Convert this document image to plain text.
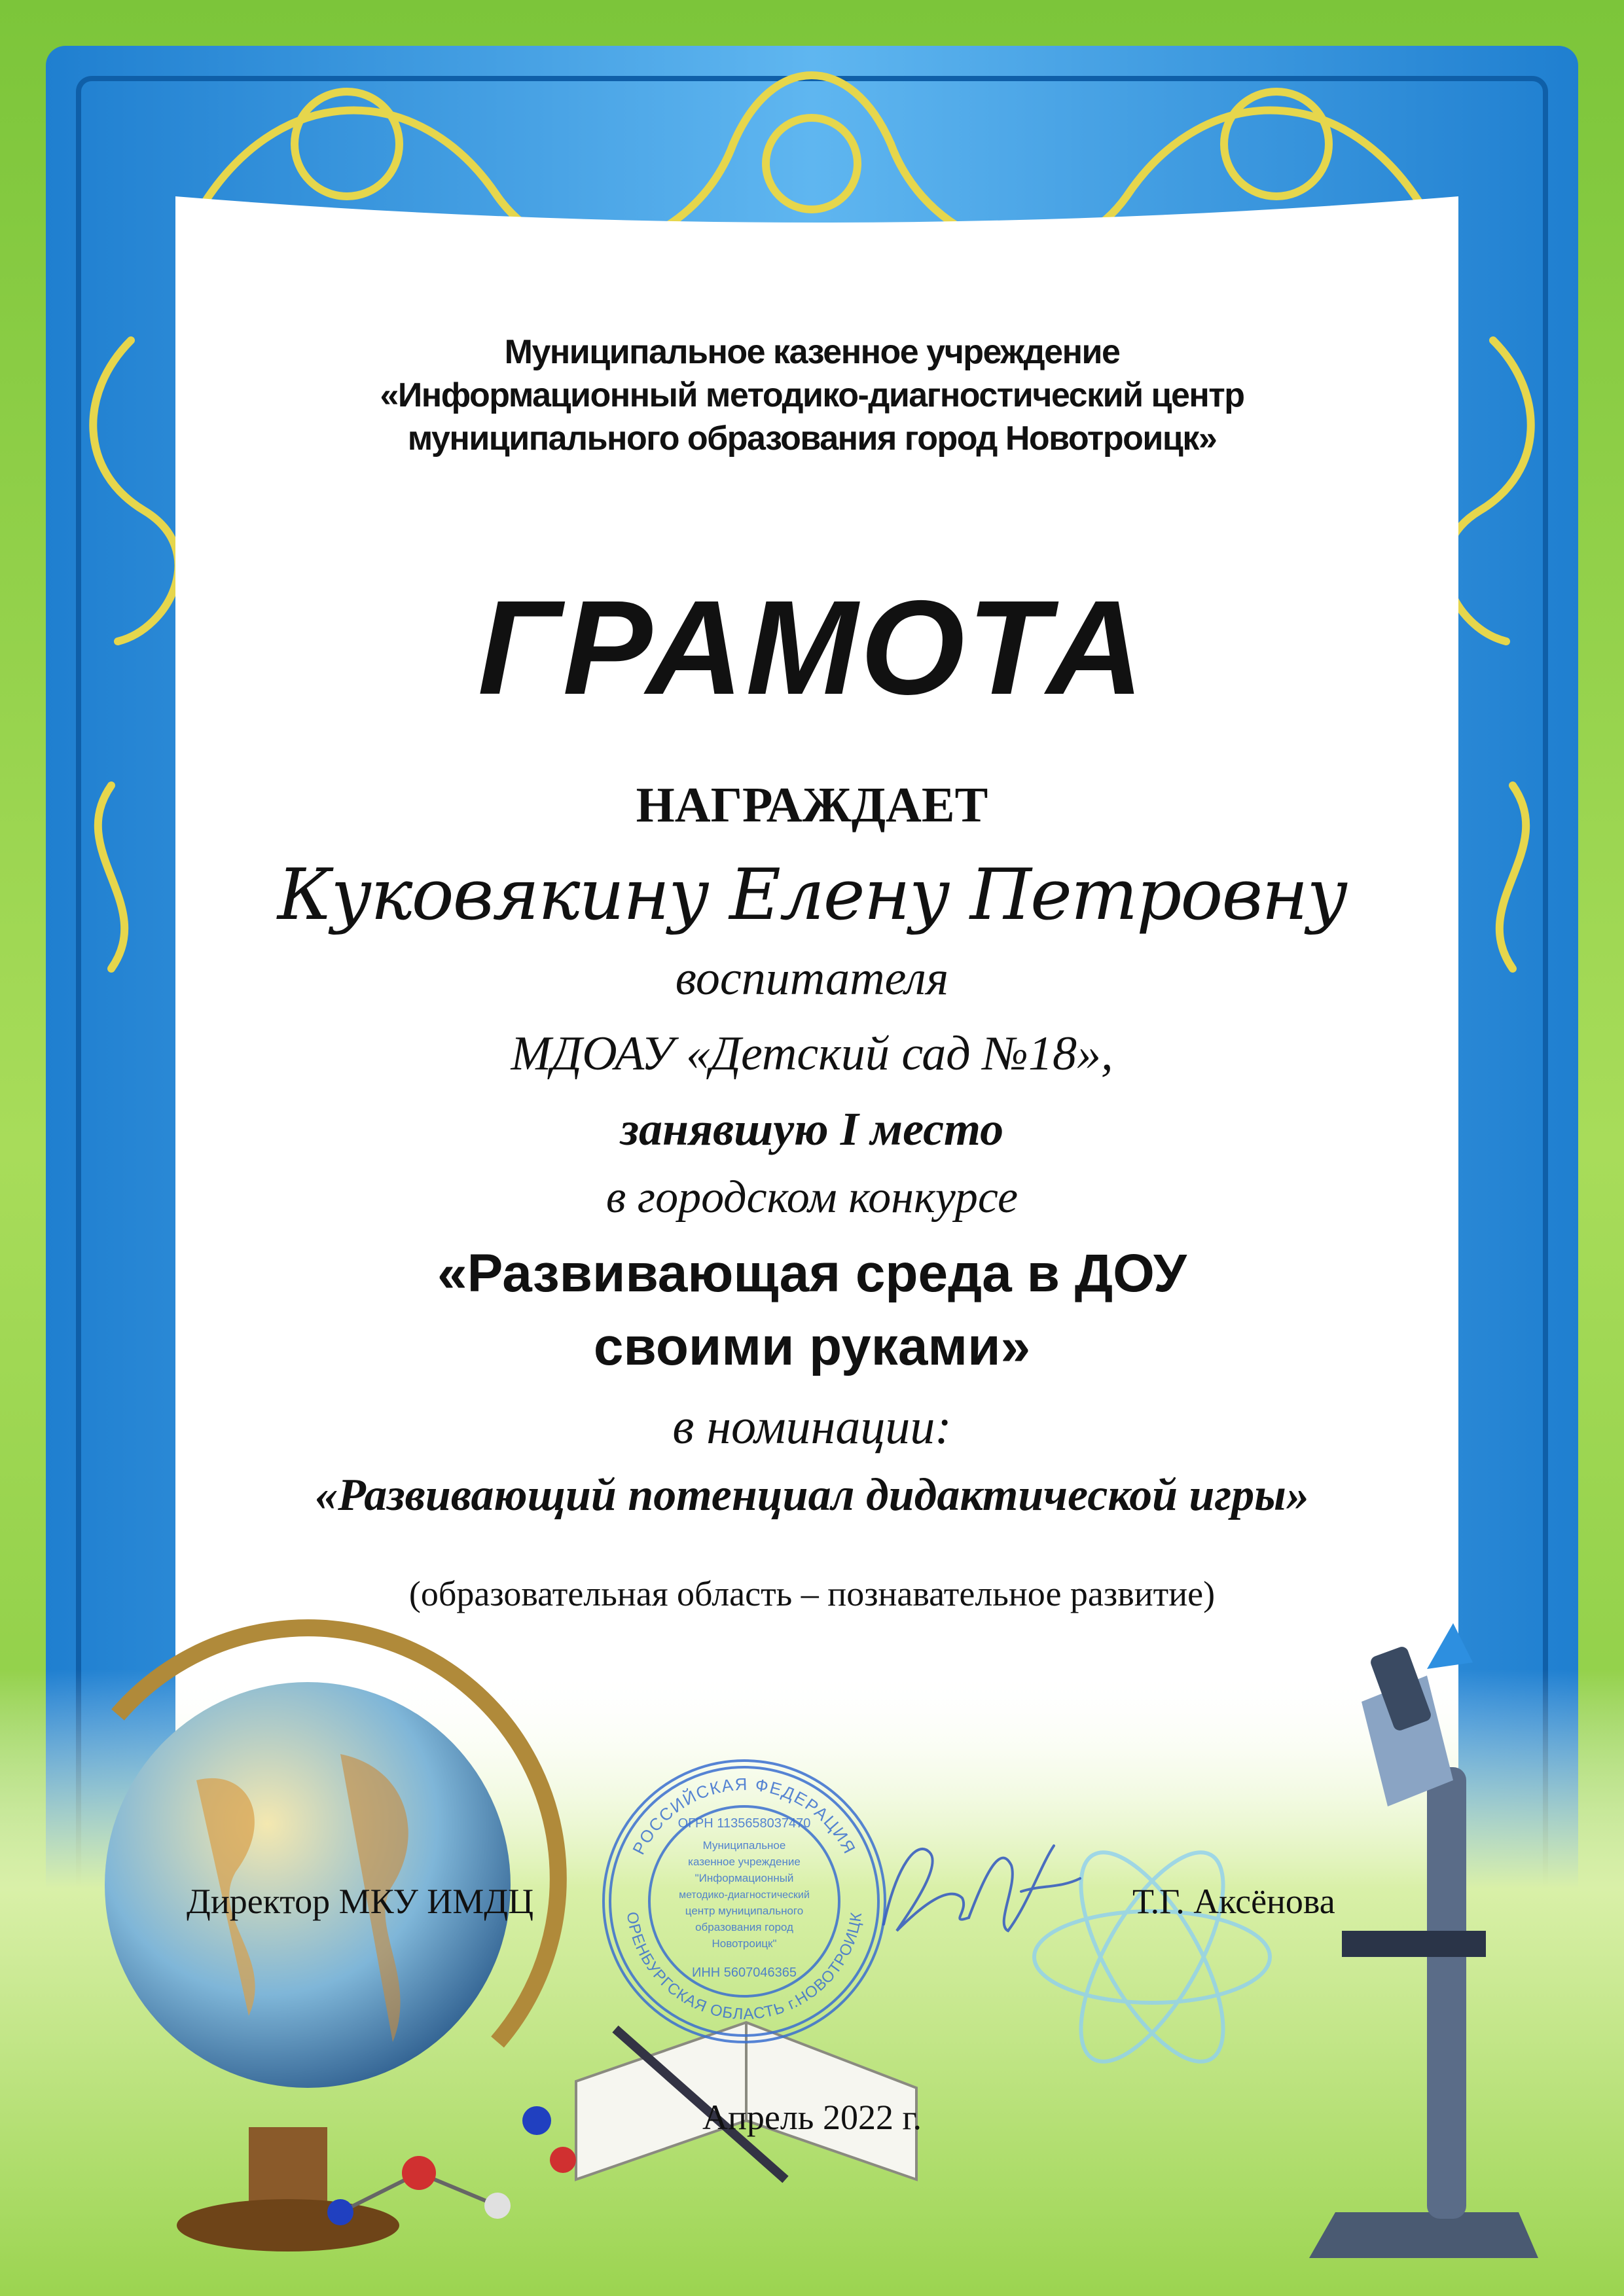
Муниципальное казенное учреждение
«Информационный методико-диагностический центр
муниципального образования город Новотроицк»
ГРАМОТА
НАГРАЖДАЕТ
Куковякину Елену Петровну
воспитателя
МДОАУ «Детский сад №18»,
занявшую I место
в городском конкурсе
«Развивающая среда в ДОУ
своими руками»
в номинации:
«Развивающий потенциал дидактической игры»
(образовательная область – познавательное развитие)
РОССИЙСКАЯ ФЕДЕРАЦИЯ
ОРЕНБУРГСКАЯ ОБЛАСТЬ г.НОВОТРОИЦК
ОГРН 1135658037470
Муниципальное
казенное учреждение
"Информационный
методико-диагностический
центр муниципального
образования город
Новотроицк"
ИНН 5607046365
Директор МКУ ИМДЦ	Т.Г. Аксёнова
Апрель 2022 г.
